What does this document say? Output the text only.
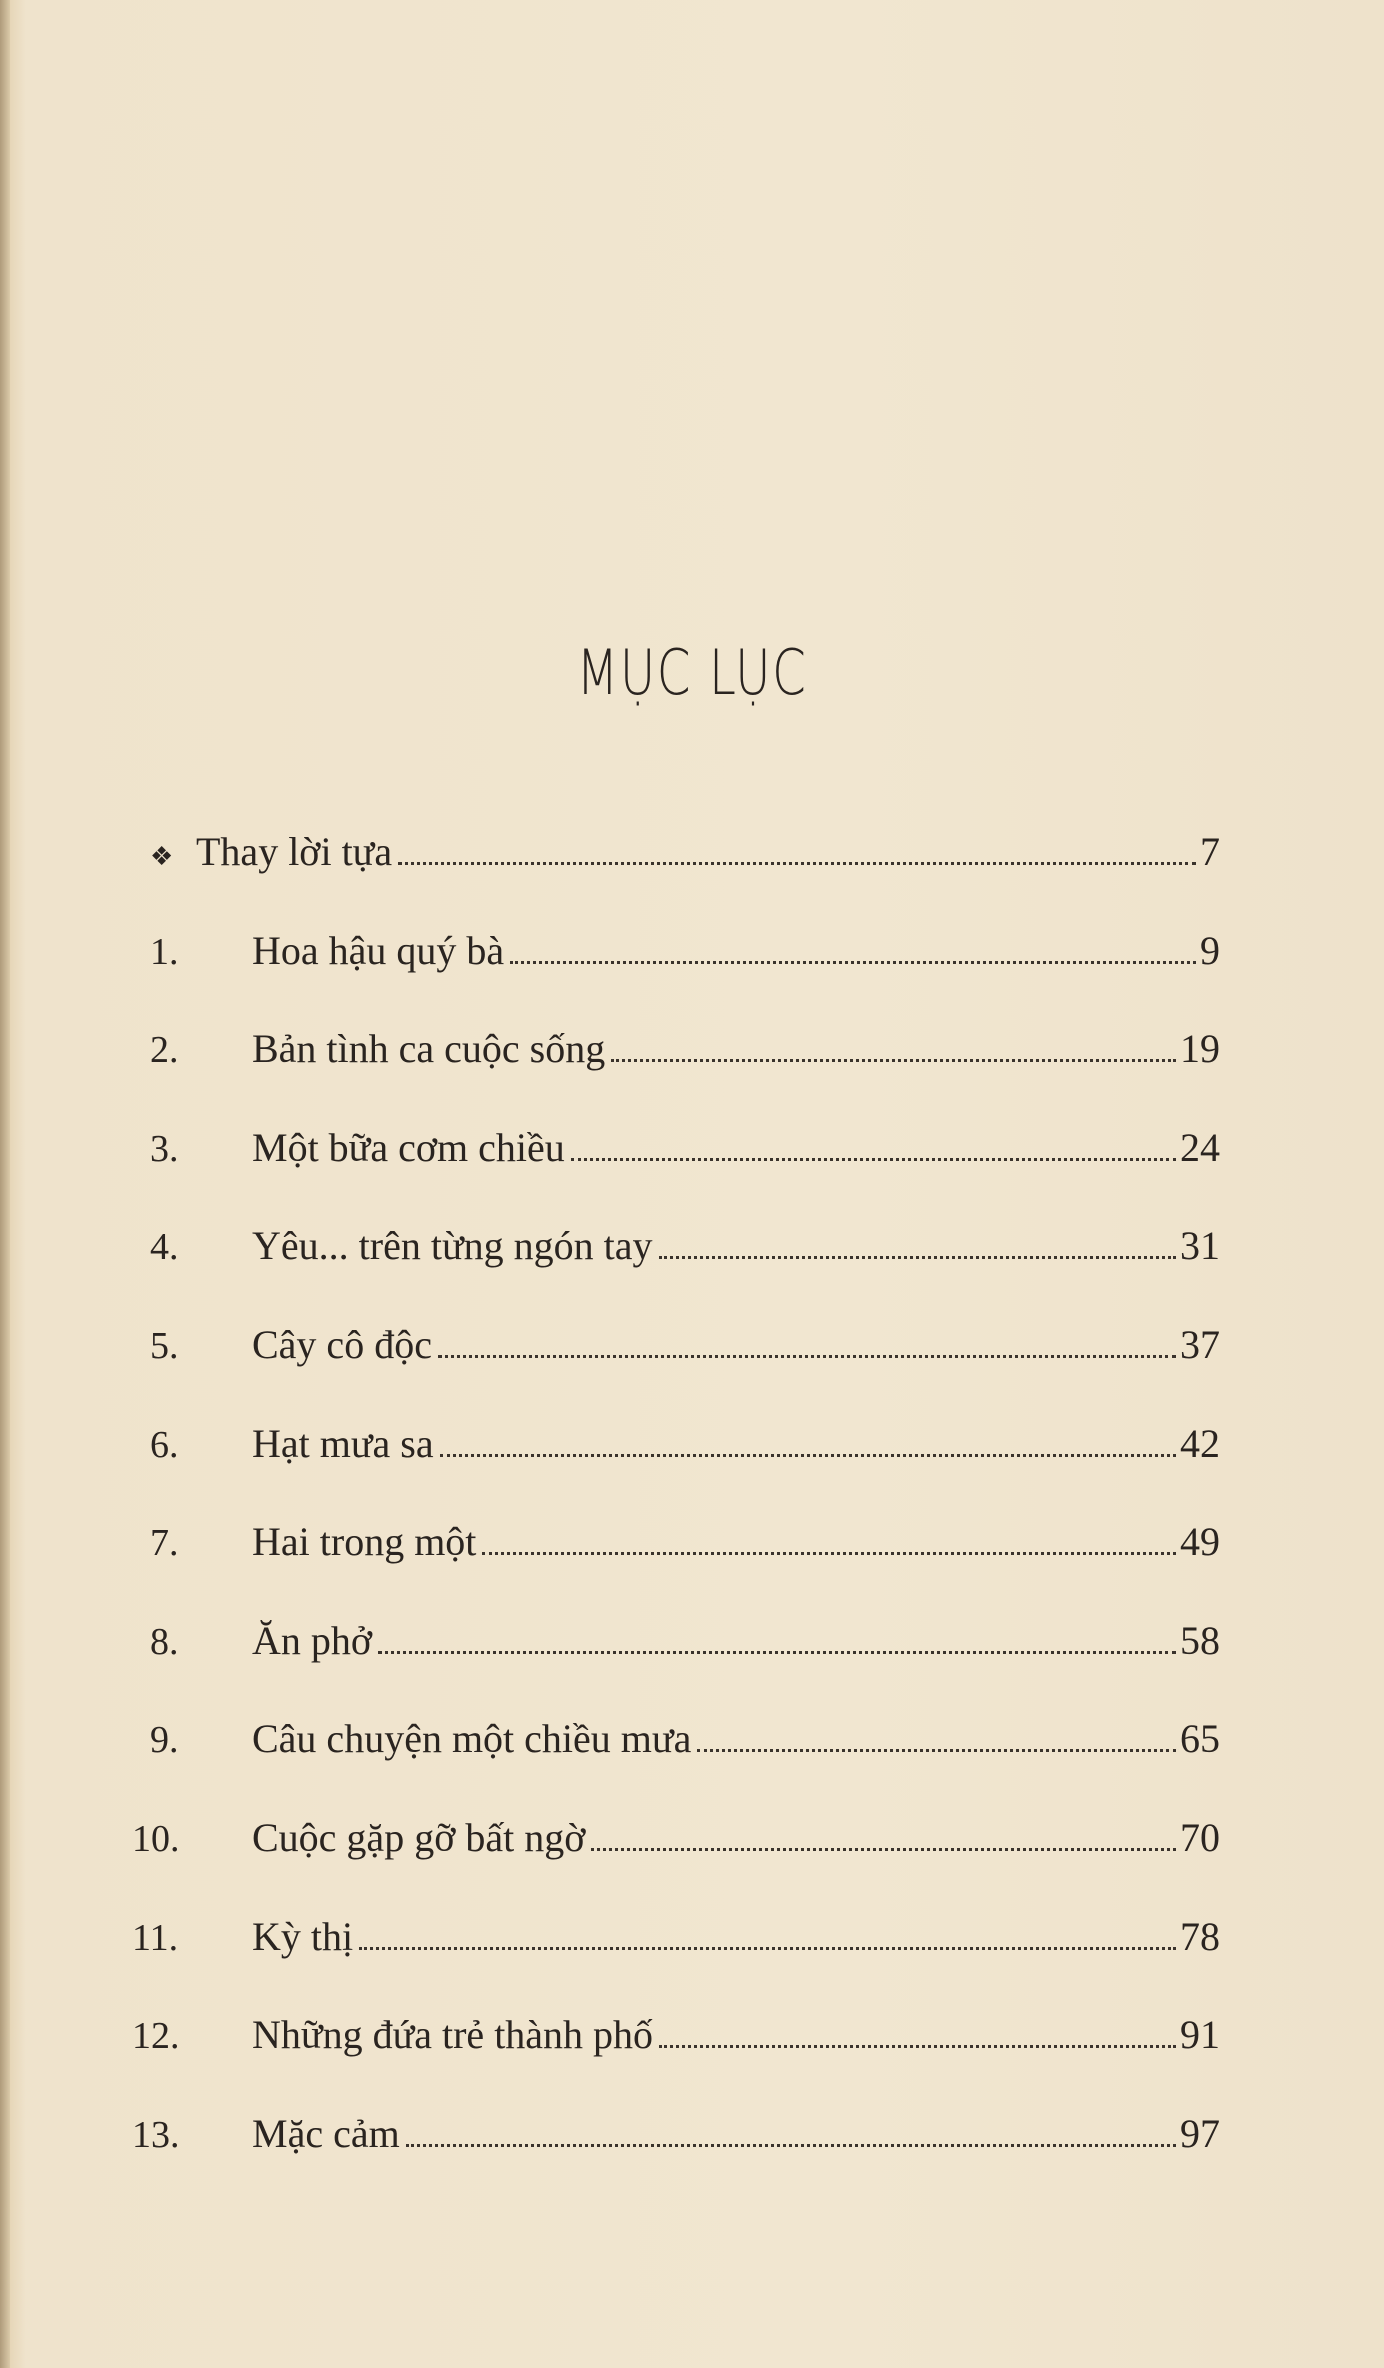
MỤC LỤC
❖ Thay lời tựa	7
1.	Hoa hậu quý bà	9
2.	Bản tình ca cuộc sống	19
3.	Một bữa cơm chiều	24
4.	Yêu... trên từng ngón tay	31
5.	Cây cô độc	37
6.	Hạt mưa sa	42
7.	Hai trong một	49
8.	Ăn phở	58
9.	Câu chuyện một chiều mưa	65
10.	Cuộc gặp gỡ bất ngờ	70
11.	Kỳ thị	78
12.	Những đứa trẻ thành phố	91
13.	Mặc cảm	97
